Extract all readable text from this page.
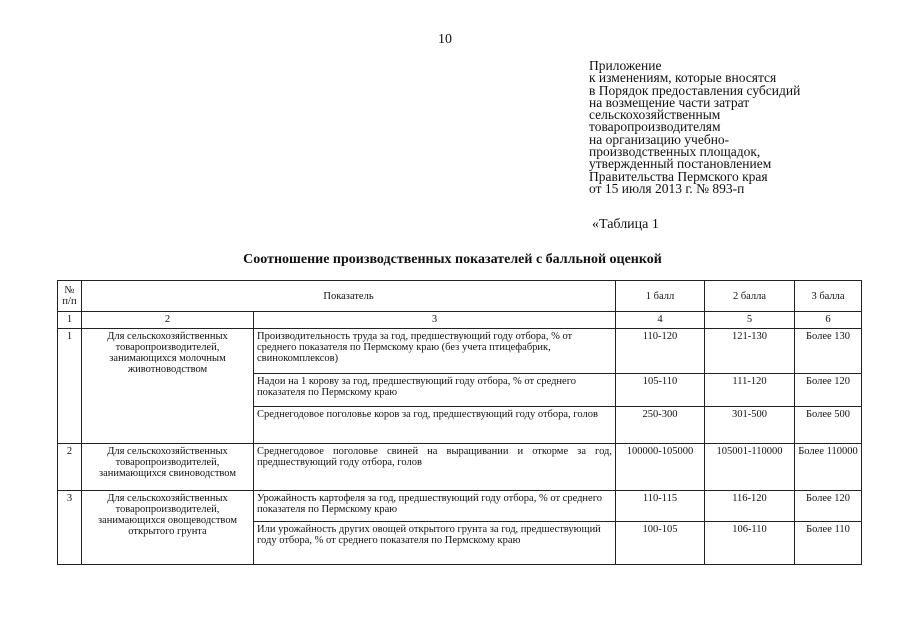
10
Приложение
к изменениям, которые вносятся
в Порядок предоставления субсидий
на возмещение части затрат
сельскохозяйственным
товаропроизводителям
на организацию учебно-
производственных площадок,
утвержденный постановлением
Правительства Пермского края
от 15 июля 2013 г. № 893-п
«Таблица 1
Соотношение производственных показателей с балльной оценкой
№ п/п	Показатель		1 балл	2 балла	3 балла
1	2	3	4	5	6
1	Для сельскохозяйственных товаропроизводителей, занимающихся молочным животноводством	Производительность труда за год, предшествующий году отбора, % от среднего показателя по Пермскому краю (без учета птицефабрик, свинокомплексов)	110-120	121-130	Более 130
		Надои на 1 корову за год, предшествующий году отбора, % от среднего показателя по Пермскому краю	105-110	111-120	Более 120
		Среднегодовое поголовье коров за год, предшествующий году отбора, голов	250-300	301-500	Более 500
2	Для сельскохозяйственных товаропроизводителей, занимающихся свиноводством	Среднегодовое поголовье свиней на выращивании и откорме за год, предшествующий году отбора, голов	100000-105000	105001-110000	Более 110000
3	Для сельскохозяйственных товаропроизводителей, занимающихся овощеводством открытого грунта	Урожайность картофеля за год, предшествующий году отбора, % от среднего показателя по Пермскому краю	110-115	116-120	Более 120
		Или урожайность других овощей открытого грунта за год, предшествующий году отбора, % от среднего показателя по Пермскому краю	100-105	106-110	Более 110
